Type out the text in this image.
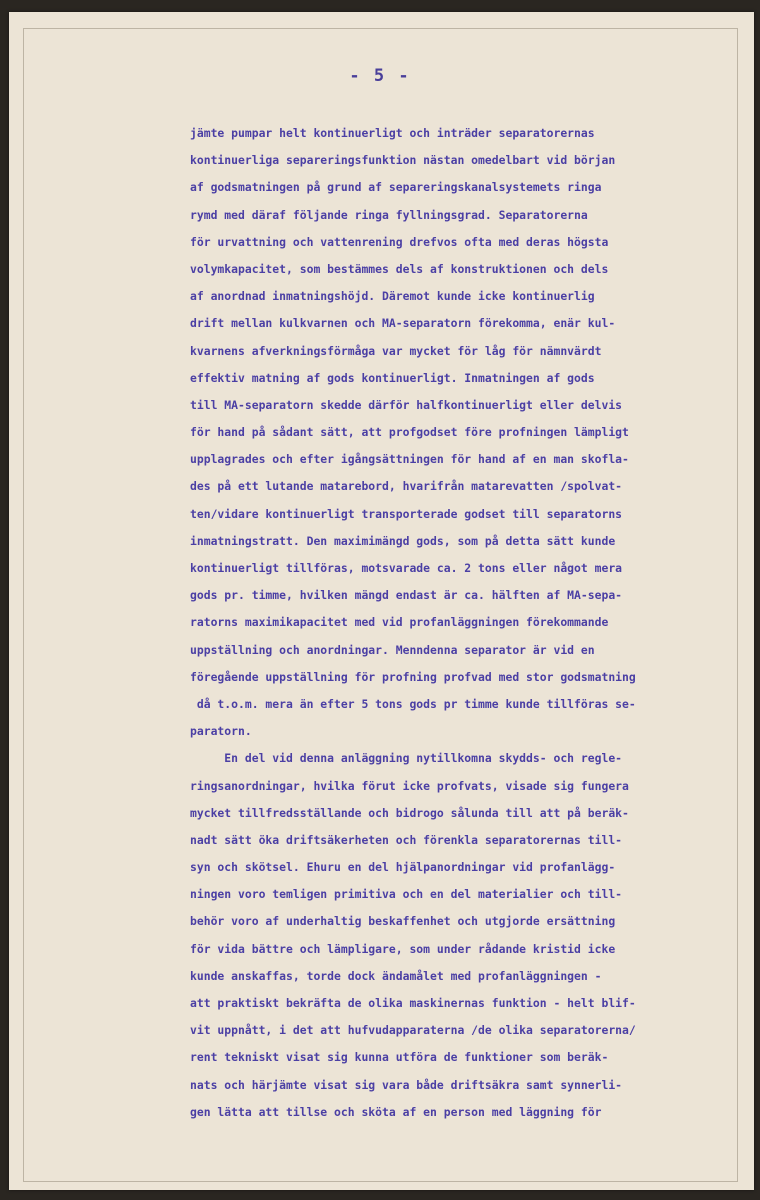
- 5 -
jämte pumpar helt kontinuerligt och inträder separatorernas
kontinuerliga separeringsfunktion nästan omedelbart vid början
af godsmatningen på grund af separeringskanalsystemets ringa
rymd med däraf följande ringa fyllningsgrad. Separatorerna
för urvattning och vattenrening drefvos ofta med deras högsta
volymkapacitet, som bestämmes dels af konstruktionen och dels
af anordnad inmatningshöjd. Däremot kunde icke kontinuerlig
drift mellan kulkvarnen och MA-separatorn förekomma, enär kul-
kvarnens afverkningsförmåga var mycket för låg för nämnvärdt
effektiv matning af gods kontinuerligt. Inmatningen af gods
till MA-separatorn skedde därför halfkontinuerligt eller delvis
för hand på sådant sätt, att profgodset före profningen lämpligt
upplagrades och efter igångsättningen för hand af en man skofla-
des på ett lutande matarebord, hvarifrån matarevatten /spolvat-
ten/vidare kontinuerligt transporterade godset till separatorns
inmatningstratt. Den maximimängd gods, som på detta sätt kunde
kontinuerligt tillföras, motsvarade ca. 2 tons eller något mera
gods pr. timme, hvilken mängd endast är ca. hälften af MA-sepa-
ratorns maximikapacitet med vid profanläggningen förekommande
uppställning och anordningar. Menndenna separator är vid en
föregående uppställning för profning profvad med stor godsmatning
då t.o.m. mera än efter 5 tons gods pr timme kunde tillföras se-
paratorn.
En del vid denna anläggning nytillkomna skydds- och regle-
ringsanordningar, hvilka förut icke profvats, visade sig fungera
mycket tillfredsställande och bidrogo sålunda till att på beräk-
nadt sätt öka driftsäkerheten och förenkla separatorernas till-
syn och skötsel. Ehuru en del hjälpanordningar vid profanlägg-
ningen voro temligen primitiva och en del materialier och till-
behör voro af underhaltig beskaffenhet och utgjorde ersättning
för vida bättre och lämpligare, som under rådande kristid icke
kunde anskaffas, torde dock ändamålet med profanläggningen -
att praktiskt bekräfta de olika maskinernas funktion - helt blif-
vit uppnått, i det att hufvudapparaterna /de olika separatorerna/
rent tekniskt visat sig kunna utföra de funktioner som beräk-
nats och härjämte visat sig vara både driftsäkra samt synnerli-
gen lätta att tillse och sköta af en person med läggning för
